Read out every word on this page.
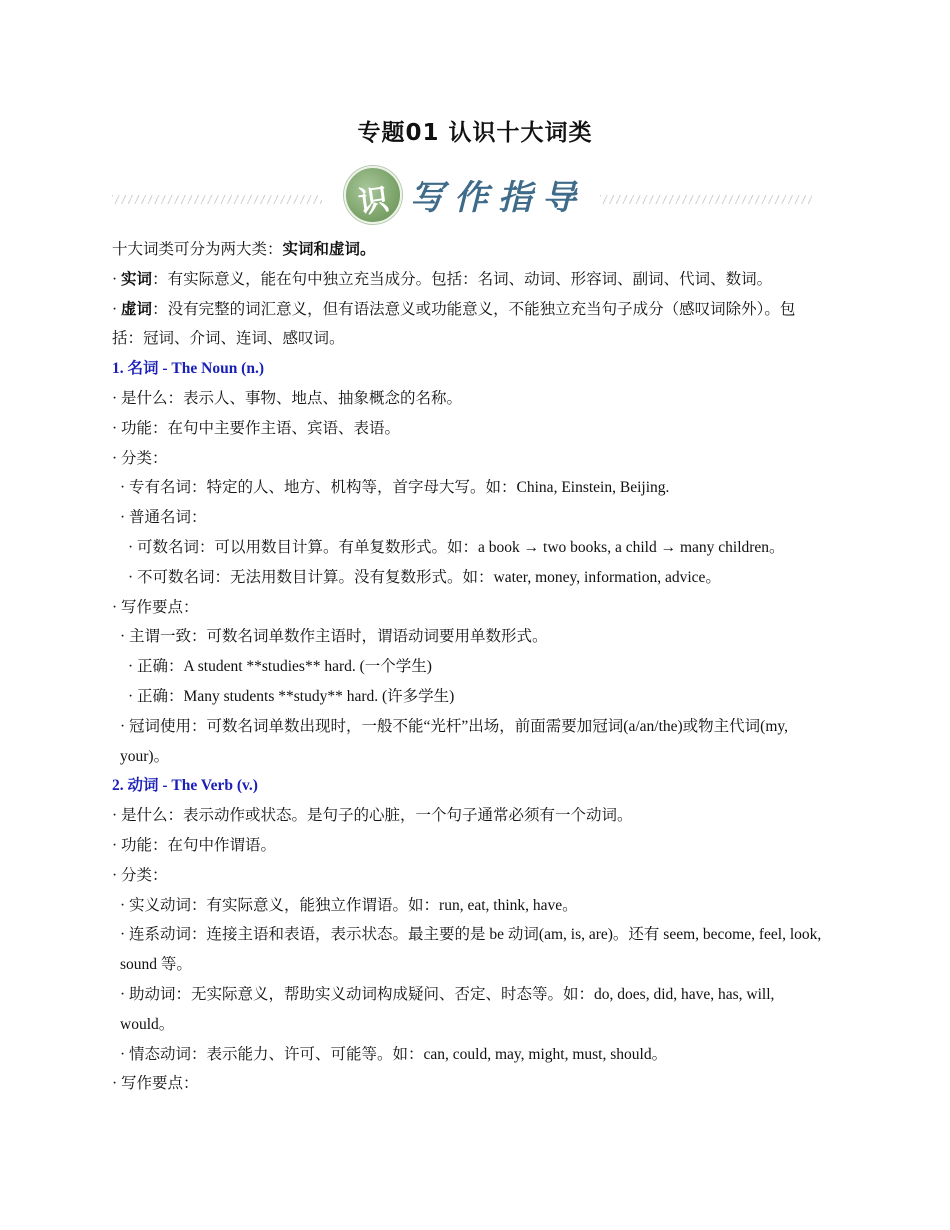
专题01 认识十大词类
识 写作指导

十大词类可分为两大类：实词和虚词。

· 实词：有实际意义，能在句中独立充当成分。包括：名词、动词、形容词、副词、代词、数词。

· 虚词：没有完整的词汇意义，但有语法意义或功能意义，不能独立充当句子成分（感叹词除外）。包括：冠词、介词、连词、感叹词。

1. 名词 - The Noun (n.)

· 是什么：表示人、事物、地点、抽象概念的名称。

· 功能：在句中主要作主语、宾语、表语。

· 分类：

· 专有名词：特定的人、地方、机构等，首字母大写。如：China, Einstein, Beijing.

· 普通名词：

· 可数名词：可以用数目计算。有单复数形式。如：a book → two books, a child → many children。

· 不可数名词：无法用数目计算。没有复数形式。如：water, money, information, advice。

· 写作要点：

· 主谓一致：可数名词单数作主语时，谓语动词要用单数形式。

· 正确：A student **studies** hard. (一个学生)

· 正确：Many students **study** hard. (许多学生)

· 冠词使用：可数名词单数出现时，一般不能“光杆”出场，前面需要加冠词(a/an/the)或物主代词(my, your)。

2. 动词 - The Verb (v.)

· 是什么：表示动作或状态。是句子的心脏，一个句子通常必须有一个动词。

· 功能：在句中作谓语。

· 分类：

· 实义动词：有实际意义，能独立作谓语。如：run, eat, think, have。

· 连系动词：连接主语和表语，表示状态。最主要的是 be 动词(am, is, are)。还有 seem, become, feel, look, sound 等。

· 助动词：无实际意义，帮助实义动词构成疑问、否定、时态等。如：do, does, did, have, has, will, would。

· 情态动词：表示能力、许可、可能等。如：can, could, may, might, must, should。

· 写作要点：
